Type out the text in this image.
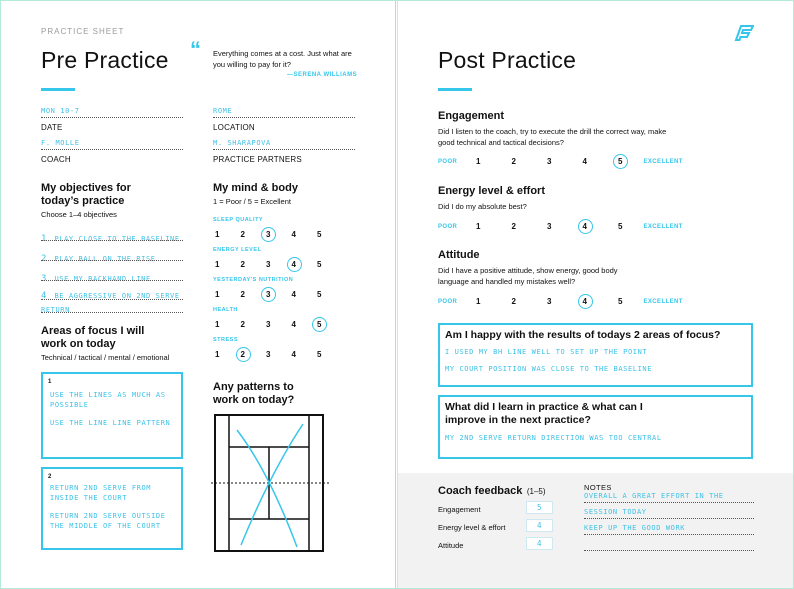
PRACTICE SHEET
Pre Practice “ Everything comes at a cost. Just what are you willing to pay for it?
—SERENA WILLIAMS
MON 10-7
DATE
F. MOLLE
COACH
ROME
LOCATION
M. SHARAPOVA
PRACTICE PARTNERS
My objectives for today’s practice
Choose 1–4 objectives
1 PLAY CLOSE TO THE BASELINE
2 PLAY BALL ON THE RISE
3 USE MY BACKHAND LINE
4 BE AGGRESSIVE ON 2ND SERVE RETURN
My mind & body
1 = Poor / 5 = Excellent
SLEEP QUALITY
1	2	3	4	5
ENERGY LEVEL
1	2	3	4	5
YESTERDAY’S NUTRITION
1	2	3	4	5
HEALTH
1	2	3	4	5
STRESS
1	2	3	4	5
Areas of focus I will work on today
Technical / tactical / mental / emotional
1
USE THE LINES AS MUCH AS POSSIBLE
USE THE LINE LINE PATTERN
2
RETURN 2ND SERVE FROM INSIDE THE COURT
RETURN 2ND SERVE OUTSIDE THE MIDDLE OF THE COURT
Any patterns to work on today?
Post Practice
Engagement
Did I listen to the coach, try to execute the drill the correct way, make good technical and tactical decisions?
POOR	1	2	3	4	5	EXCELLENT
Energy level & effort
Did I do my absolute best?
POOR	1	2	3	4	5	EXCELLENT
Attitude
Did I have a positive attitude, show energy, good body language and handled my mistakes well?
POOR	1	2	3	4	5	EXCELLENT
Am I happy with the results of todays 2 areas of focus?
I USED MY BH LINE WELL TO SET UP THE POINT
MY COURT POSITION WAS CLOSE TO THE BASELINE
What did I learn in practice & what can I improve in the next practice?
MY 2ND SERVE RETURN DIRECTION WAS TOO CENTRAL
Coach feedback (1–5)
Engagement	5
Energy level & effort	4
Attitude	4
NOTES
OVERALL A GREAT EFFORT IN THE
SESSION TODAY
KEEP UP THE GOOD WORK
